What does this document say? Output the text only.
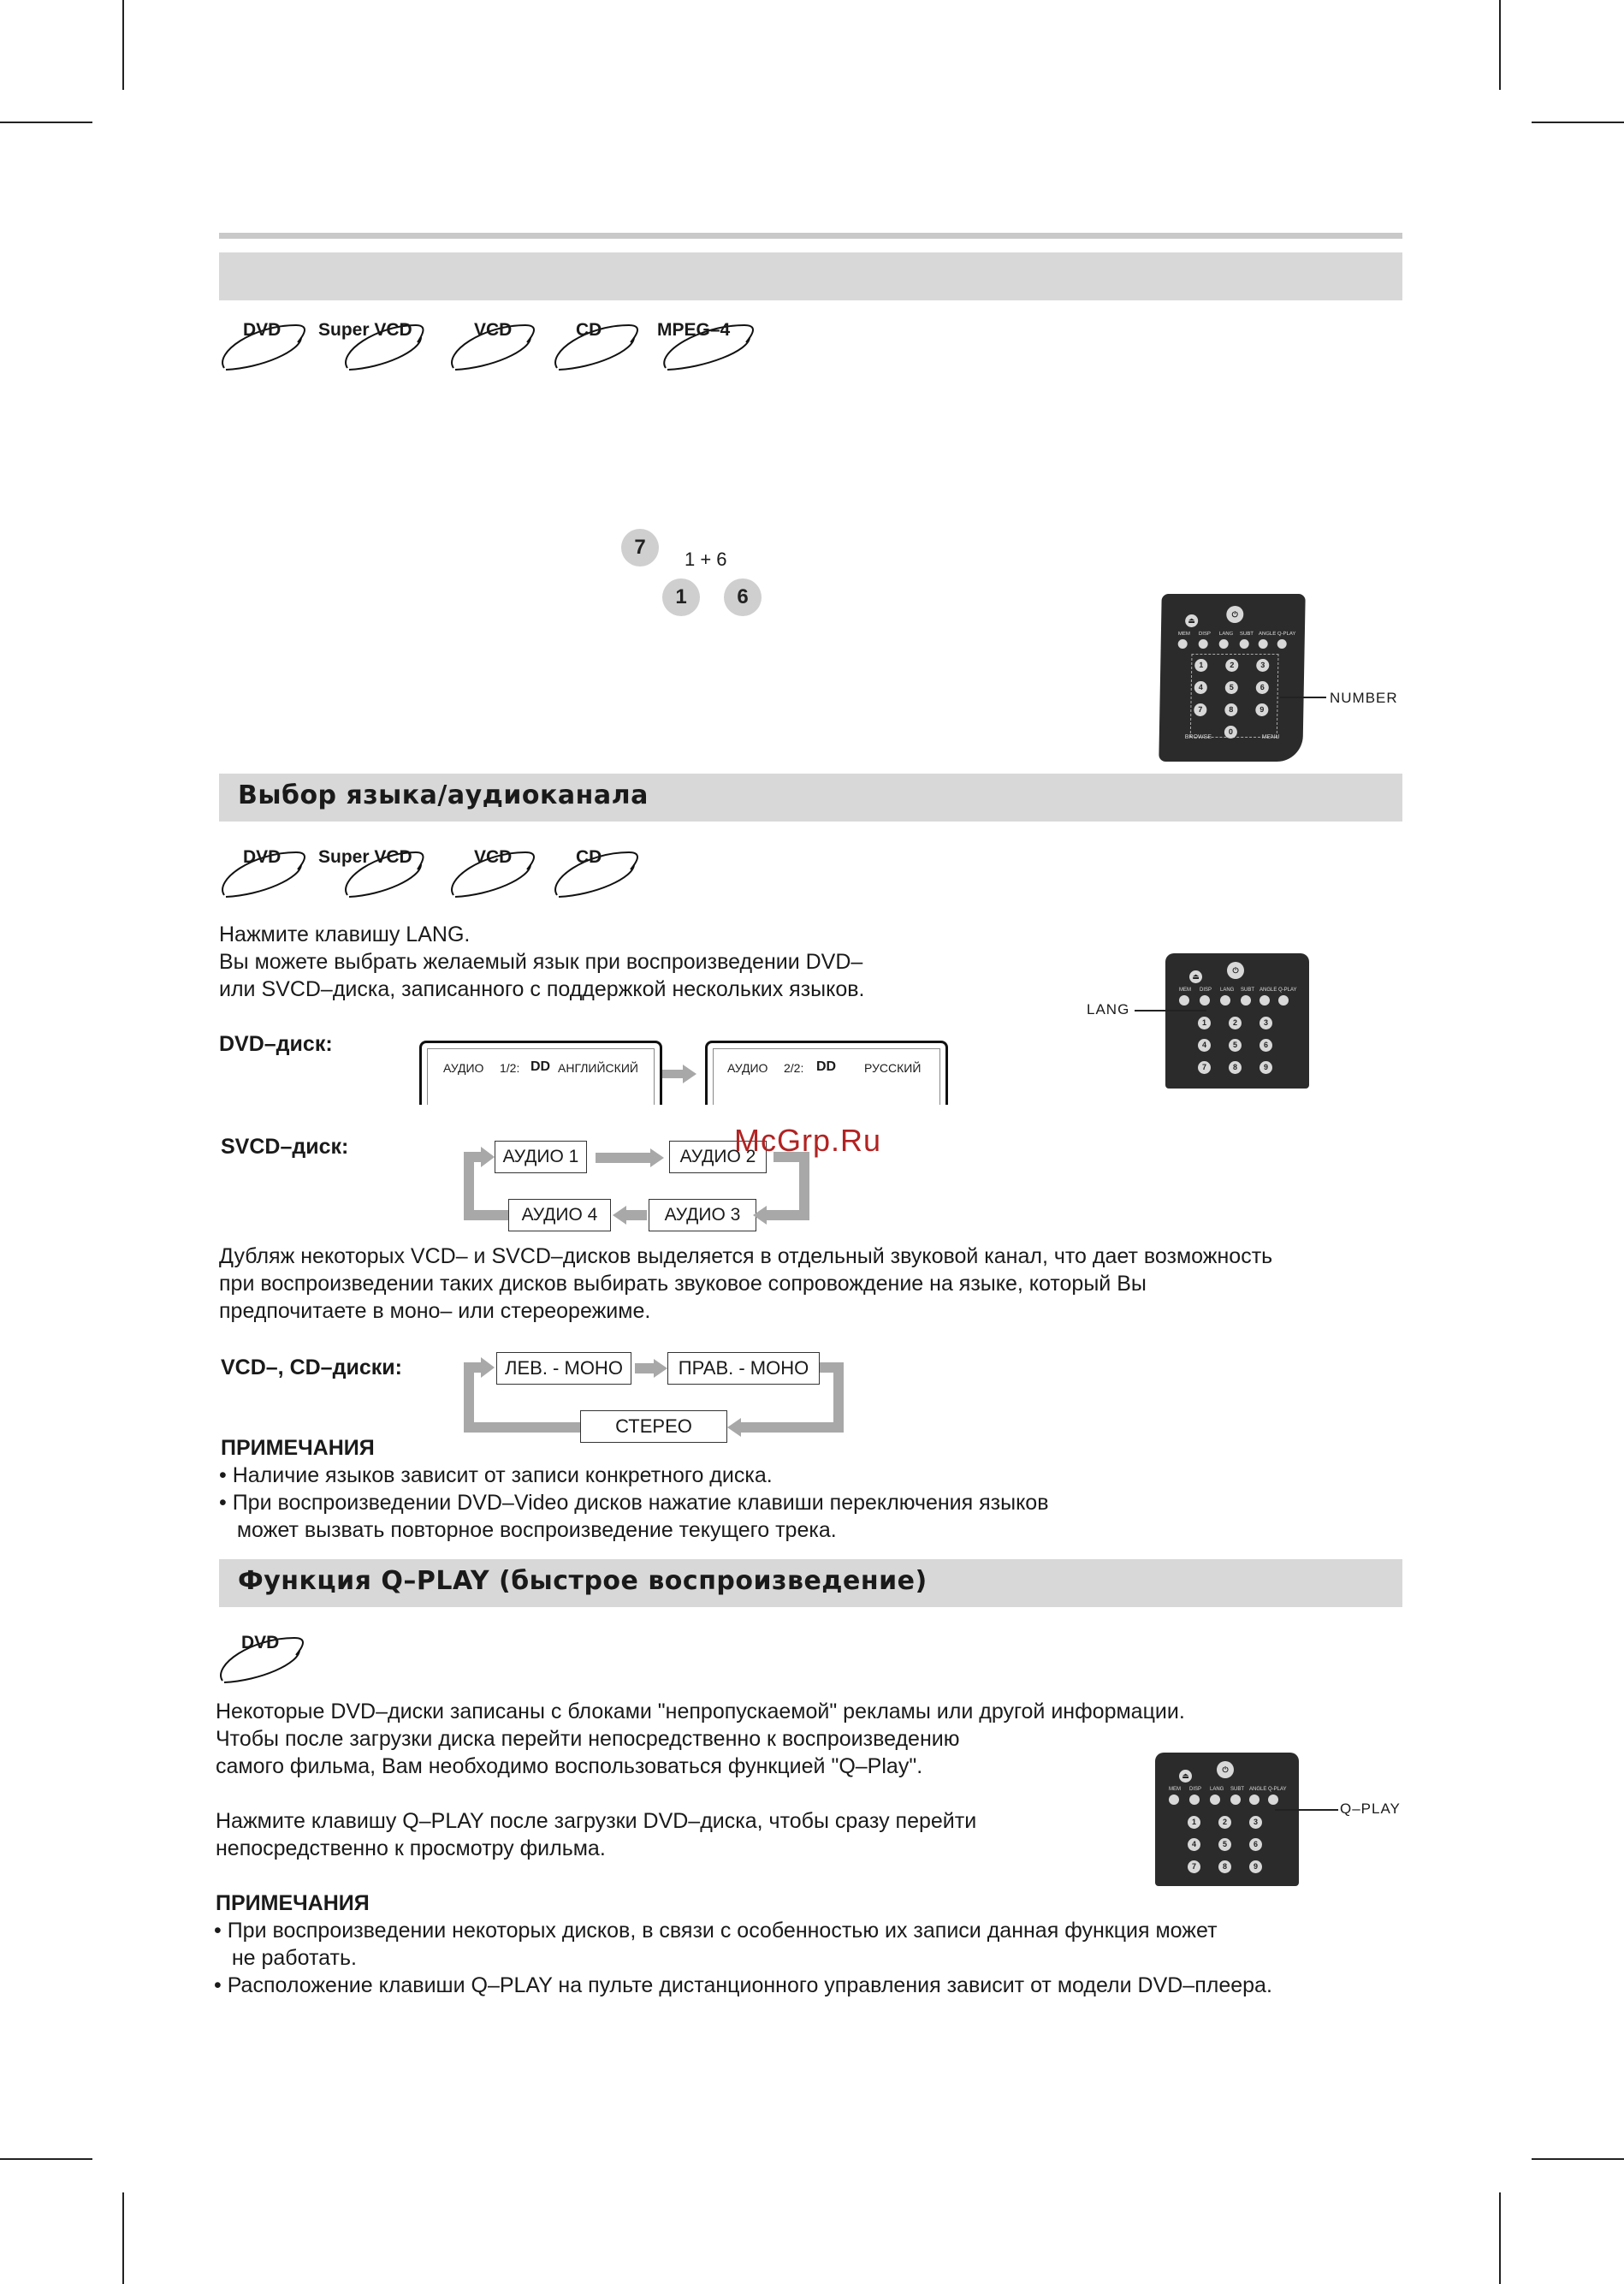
DVD Super VCD	VCD	CD	MPEG–4
7
1 + 6
1	6
⏏
⏻
MEM DISP LANG SUBT ANGLE Q-PLAY
1	2	3
4	5	6
7	8	9
0
BROWSE	MENU
NUMBER
Выбор языка/аудиоканала
DVD Super VCD	VCD	CD
Нажмите клавишу LANG.
Вы можете выбрать желаемый язык при воспроизведении DVD–
или SVCD–диска, записанного с поддержкой нескольких языков.
⏏
⏻
MEM DISP LANG SUBT ANGLE Q-PLAY
1	2	3
4	5	6
7	8	9
LANG
DVD–диск:
АУДИО 1/2: DD АНГЛИЙСКИЙ	АУДИО 2/2: DD РУССКИЙ
SVCD–диск:	АУДИО 1	АУДИО 2
АУДИО 4	АУДИО 3
McGrp.Ru
Дубляж некоторых VCD– и SVCD–дисков выделяется в отдельный звуковой канал, что дает возможность
при воспроизведении таких дисков выбирать звуковое сопровождение на языке, который Вы
предпочитаете в моно– или стереорежиме.
VCD–, CD–диски:	ЛЕВ. - МОНО	ПРАВ. - МОНО
СТЕРЕО
ПРИМЕЧАНИЯ
• Наличие языков зависит от записи конкретного диска.
• При воспроизведении DVD–Video дисков нажатие клавиши переключения языков
может вызвать повторное воспроизведение текущего трека.
Функция Q–PLAY (быстрое воспроизведение)
DVD
Некоторые DVD–диски записаны с блоками "непропускаемой" рекламы или другой информации.
Чтобы после загрузки диска перейти непосредственно к воспроизведению
самого фильма, Вам необходимо воспользоваться функцией "Q–Play".
Нажмите клавишу Q–PLAY после загрузки DVD–диска, чтобы сразу перейти
непосредственно к просмотру фильма.
⏏
⏻
MEM DISP LANG SUBT ANGLE Q-PLAY
1	2	3
4	5	6
7	8	9
Q–PLAY
ПРИМЕЧАНИЯ
• При воспроизведении некоторых дисков, в связи с особенностью их записи данная функция может
не работать.
• Расположение клавиши Q–PLAY на пульте дистанционного управления зависит от модели DVD–плеера.
